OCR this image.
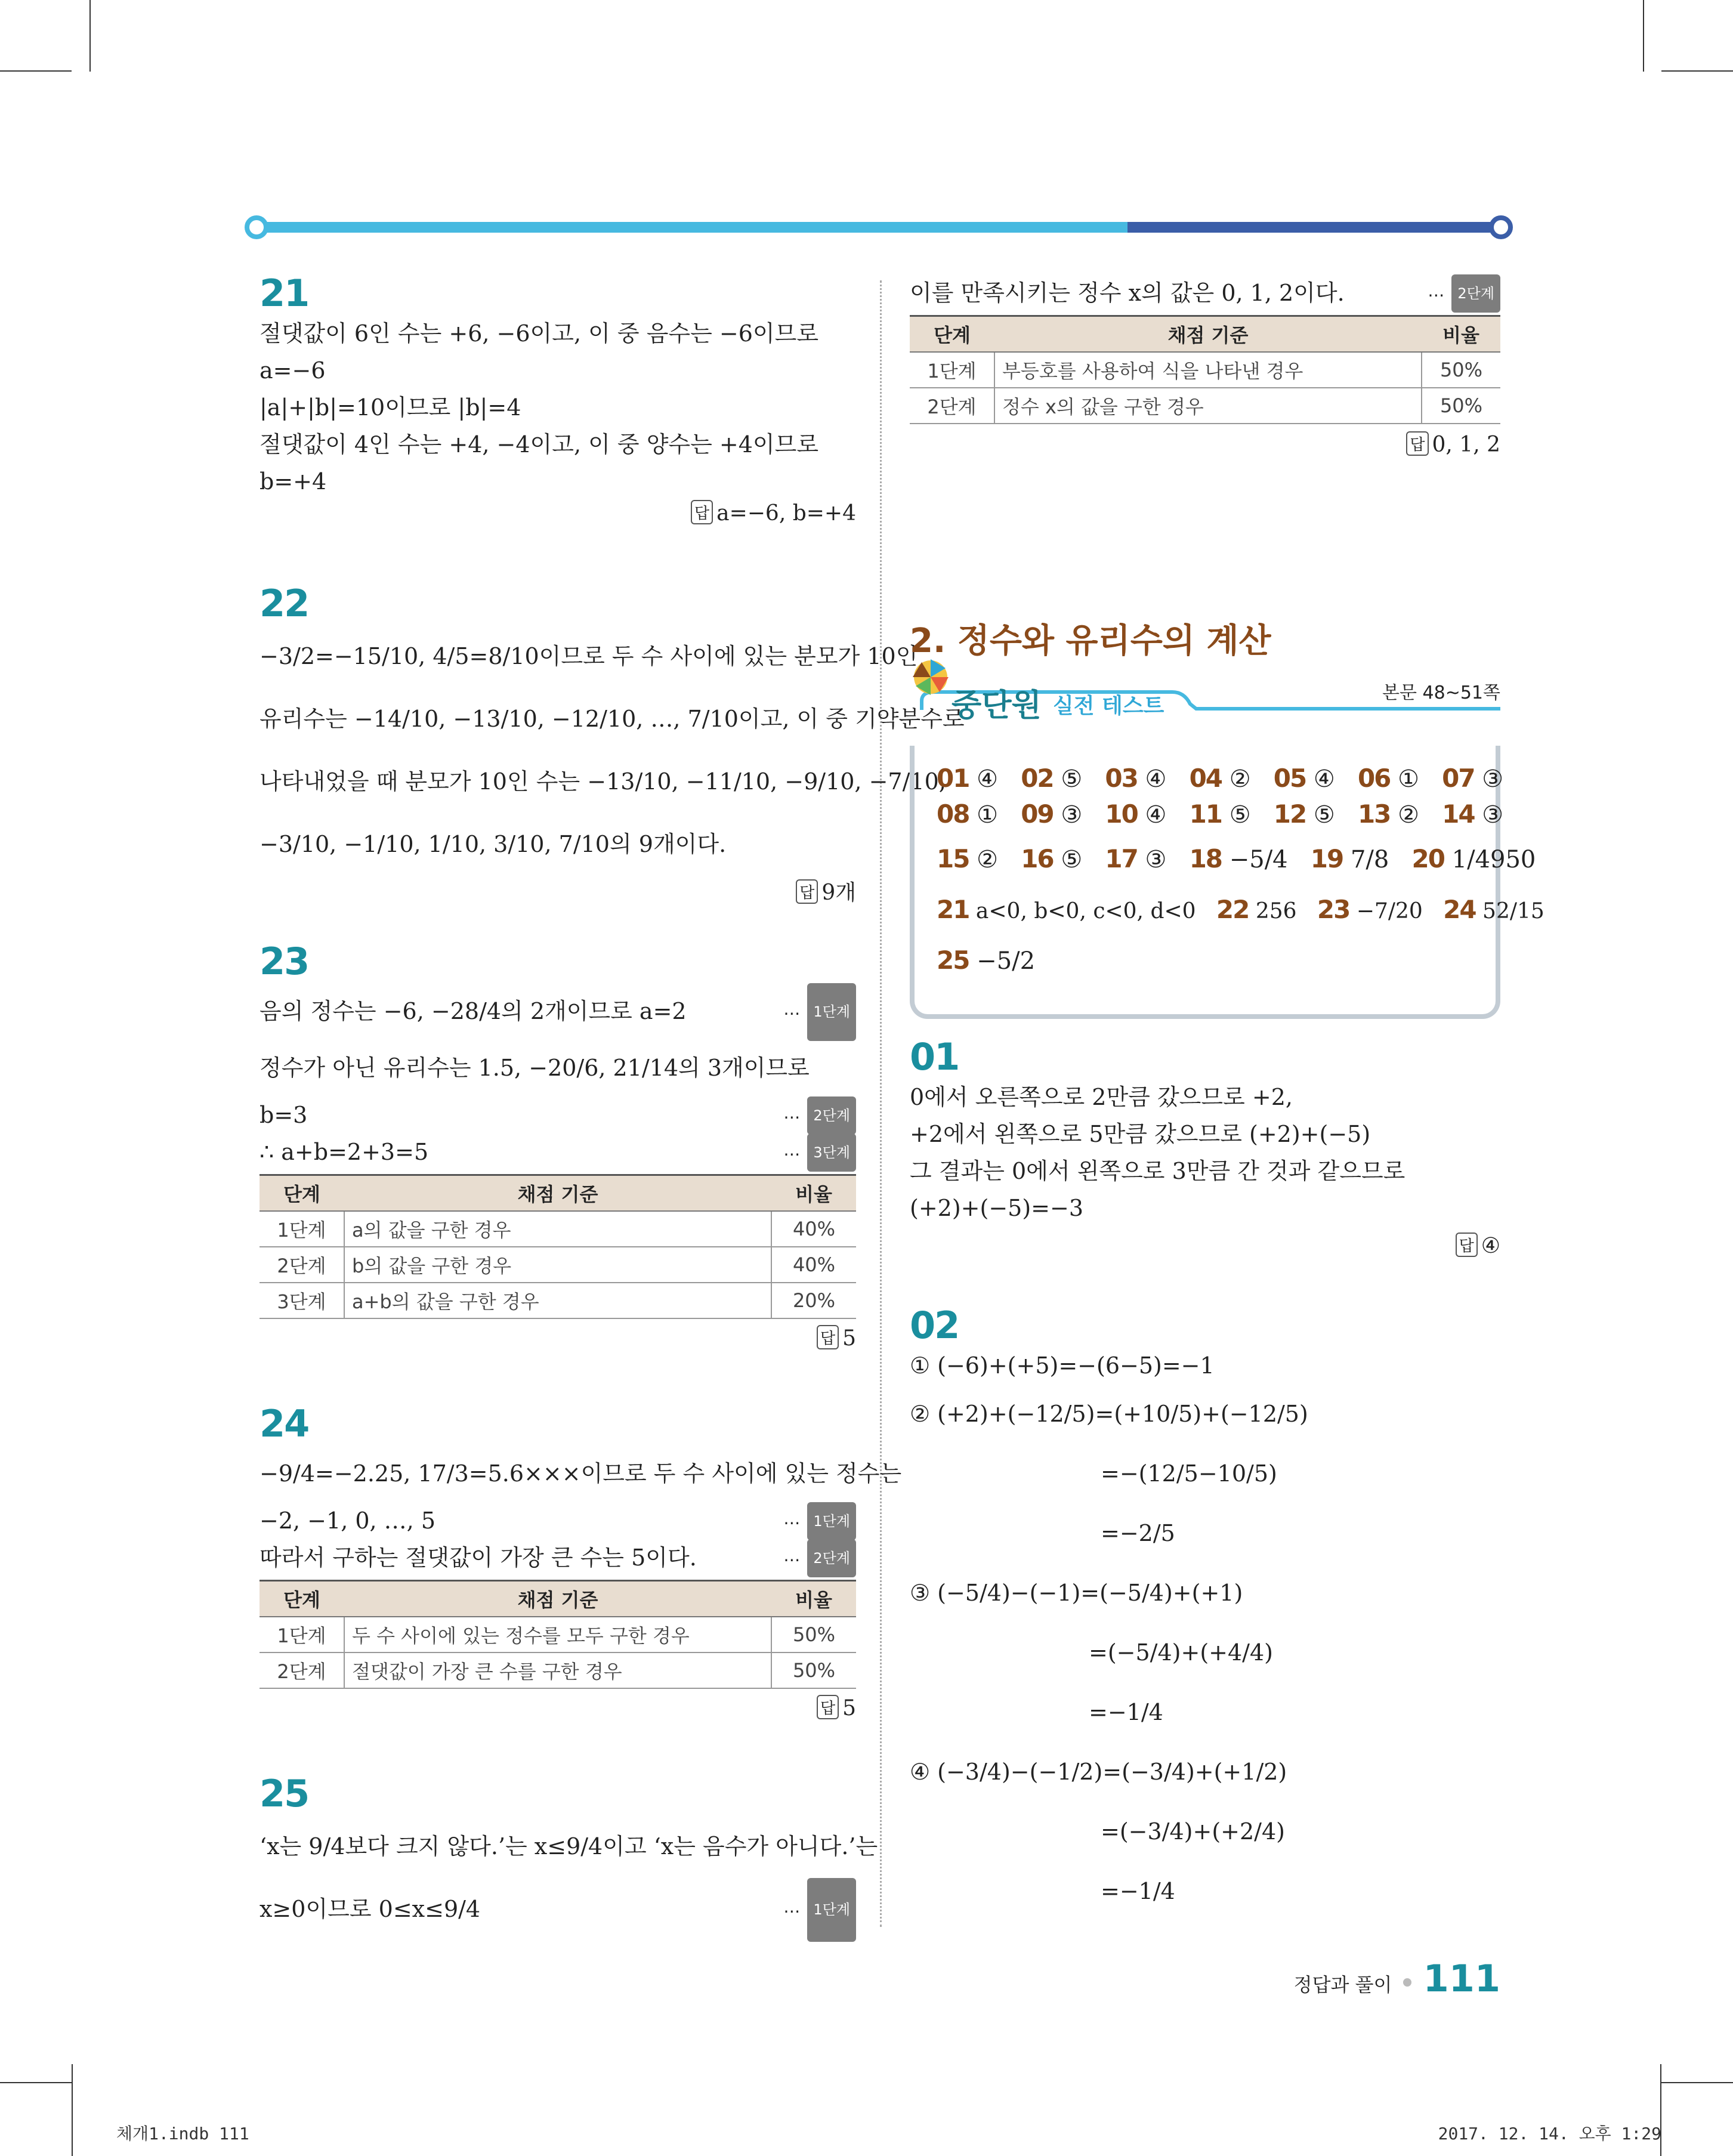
21
절댓값이 6인 수는 +6, −6이고, 이 중 음수는 −6이므로
a=−6
|a|+|b|=10이므로 |b|=4
절댓값이 4인 수는 +4, −4이고, 이 중 양수는 +4이므로
b=+4
답 a=−6, b=+4
22
−3/2=−15/10, 4/5=8/10이므로 두 수 사이에 있는 분모가 10인
유리수는 −14/10, −13/10, −12/10, …, 7/10이고, 이 중 기약분수로
나타내었을 때 분모가 10인 수는 −13/10, −11/10, −9/10, −7/10,
−3/10, −1/10, 1/10, 3/10, 7/10의 9개이다.
답 9개
23
음의 정수는 −6, −28/4의 2개이므로 a=2	⋯ 1단계
정수가 아닌 유리수는 1.5, −20/6, 21/14의 3개이므로
b=3	⋯ 2단계
∴ a+b=2+3=5	⋯ 3단계
단계	채점 기준	비율
1단계	a의 값을 구한 경우	40%
2단계	b의 값을 구한 경우	40%
3단계	a+b의 값을 구한 경우	20%
답 5
24
−9/4=−2.25, 17/3=5.6×××이므로 두 수 사이에 있는 정수는
−2, −1, 0, …, 5	⋯ 1단계
따라서 구하는 절댓값이 가장 큰 수는 5이다.	⋯ 2단계
단계	채점 기준	비율
1단계	두 수 사이에 있는 정수를 모두 구한 경우	50%
2단계	절댓값이 가장 큰 수를 구한 경우	50%
답 5
25
‘x는 9/4보다 크지 않다.’는 x≤9/4이고 ‘x는 음수가 아니다.’는
x≥0이므로 0≤x≤9/4	⋯ 1단계
이를 만족시키는 정수 x의 값은 0, 1, 2이다.	⋯ 2단계
단계	채점 기준	비율
1단계	부등호를 사용하여 식을 나타낸 경우	50%
2단계	정수 x의 값을 구한 경우	50%
답 0, 1, 2
2. 정수와 유리수의 계산
중단원 실전 테스트
본문 48~51쪽
01 ④ 02 ⑤ 03 ④ 04 ② 05 ④ 06 ① 07 ③
08 ① 09 ③ 10 ④ 11 ⑤ 12 ⑤ 13 ② 14 ③
15 ② 16 ⑤ 17 ③ 18 −5/4 19 7/8 20 1/4950
21 a<0, b<0, c<0, d<0 22 256 23 −7/20 24 52/15
25 −5/2
01
0에서 오른쪽으로 2만큼 갔으므로 +2,
+2에서 왼쪽으로 5만큼 갔으므로 (+2)+(−5)
그 결과는 0에서 왼쪽으로 3만큼 간 것과 같으므로
(+2)+(−5)=−3
답 ④
02
① (−6)+(+5)=−(6−5)=−1
② (+2)+(−12/5)=(+10/5)+(−12/5)
=−(12/5−10/5)
=−2/5
③ (−5/4)−(−1)=(−5/4)+(+1)
=(−5/4)+(+4/4)
=−1/4
④ (−3/4)−(−1/2)=(−3/4)+(+1/2)
=(−3/4)+(+2/4)
=−1/4
정답과 풀이 111
체개1.indb 111	2017. 12. 14. 오후 1:29
